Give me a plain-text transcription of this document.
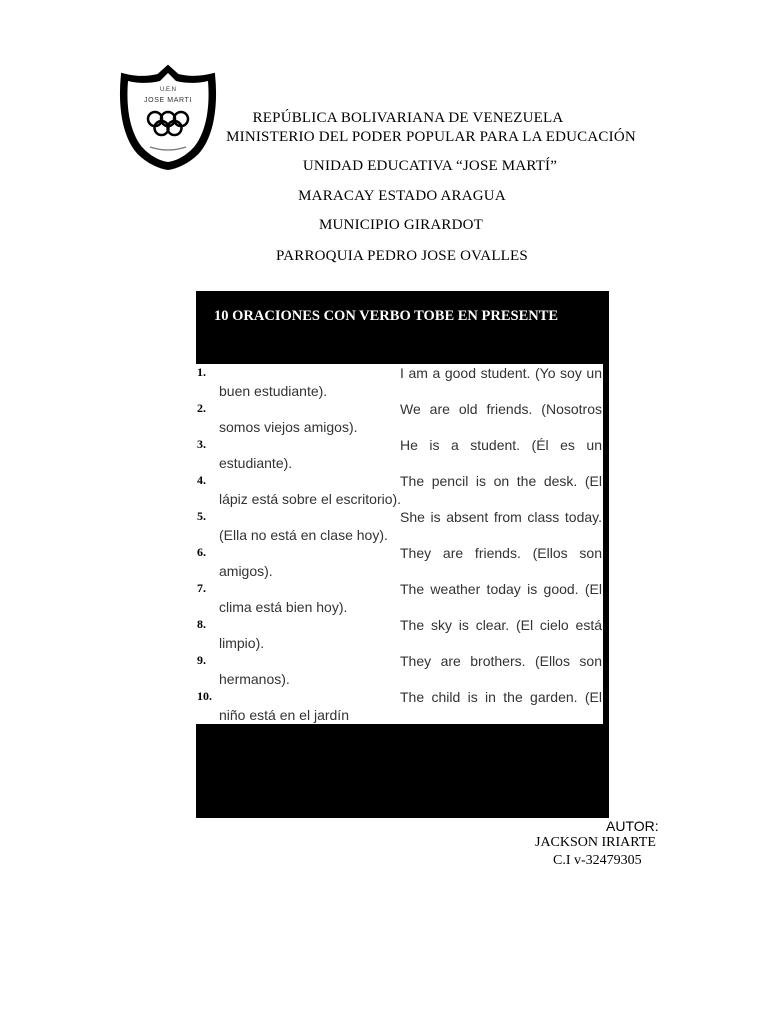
U.E.N
JOSE MARTI
REPÚBLICA BOLIVARIANA DE VENEZUELA
MINISTERIO DEL PODER POPULAR PARA LA EDUCACIÓN
UNIDAD EDUCATIVA “JOSE MARTÍ”
MARACAY ESTADO ARAGUA
MUNICIPIO GIRARDOT
PARROQUIA PEDRO JOSE OVALLES
10 ORACIONES CON VERBO TOBE EN PRESENTE
1.	I am a good student. (Yo soy un buen estudiante).
2.	We are old friends. (Nosotros somos viejos amigos).
3.	He is a student. (Él es un estudiante).
4.	The pencil is on the desk. (El lápiz está sobre el escritorio).
5.	She is absent from class today. (Ella no está en clase hoy).
6.	They are friends. (Ellos son amigos).
7.	The weather today is good. (El clima está bien hoy).
8.	The sky is clear. (El cielo está limpio).
9.	They are brothers. (Ellos son hermanos).
10.	The child is in the garden. (El niño está en el jardín
AUTOR:
JACKSON IRIARTE
C.I v-32479305
